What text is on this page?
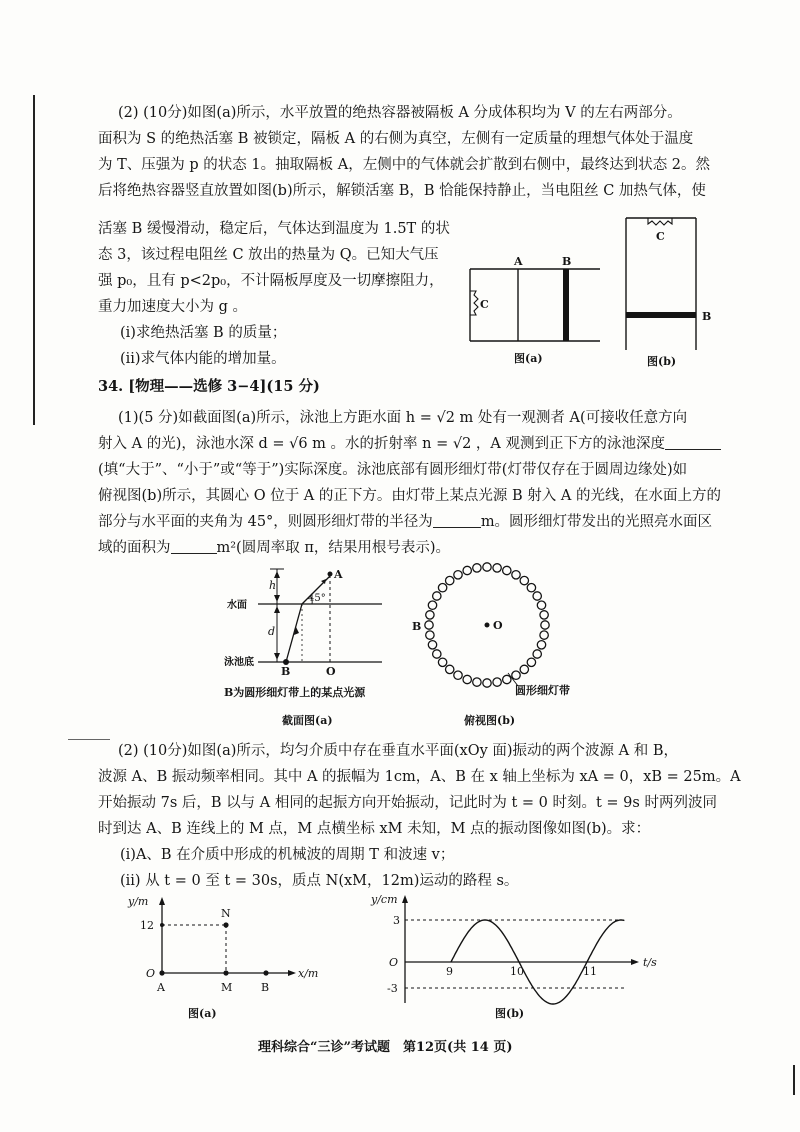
(2) (10分)如图(a)所示，水平放置的绝热容器被隔板 A 分成体积均为 V 的左右两部分。
面积为 S 的绝热活塞 B 被锁定，隔板 A 的右侧为真空，左侧有一定质量的理想气体处于温度
为 T、压强为 p 的状态 1。抽取隔板 A，左侧中的气体就会扩散到右侧中，最终达到状态 2。然
后将绝热容器竖直放置如图(b)所示，解锁活塞 B，B 恰能保持静止，当电阻丝 C 加热气体，使
活塞 B 缓慢滑动，稳定后，气体达到温度为 1.5T 的状
态 3，该过程电阻丝 C 放出的热量为 Q。已知大气压
强 p₀，且有 p<2p₀，不计隔板厚度及一切摩擦阻力，
重力加速度大小为 g 。
(i)求绝热活塞 B 的质量；
(ii)求气体内能的增加量。
A	B
C
图(a)
C
B
图(b)
34. [物理——选修 3−4](15 分)
(1)(5 分)如截面图(a)所示，泳池上方距水面 h = √2 m 处有一观测者 A(可接收任意方向
射入 A 的光)，泳池水深 d = √6 m 。水的折射率 n = √2 ，A 观测到正下方的泳池深度
(填“大于”、“小于”或“等于”)实际深度。泳池底部有圆形细灯带(灯带仅存在于圆周边缘处)如
俯视图(b)所示，其圆心 O 位于 A 的正下方。由灯带上某点光源 B 射入 A 的光线，在水面上方的
部分与水平面的夹角为 45°，则圆形细灯带的半径为	m。圆形细灯带发出的光照亮水面区
域的面积为	m²(圆周率取 π，结果用根号表示)。
h
d
A
45°
水面
泳池底
B	O
B为圆形细灯带上的某点光源
截面图(a)
O
B
圆形细灯带
俯视图(b)
(2) (10分)如图(a)所示，均匀介质中存在垂直水平面(xOy 面)振动的两个波源 A 和 B，
波源 A、B 振动频率相同。其中 A 的振幅为 1cm，A、B 在 x 轴上坐标为 xA = 0，xB = 25m。A
开始振动 7s 后，B 以与 A 相同的起振方向开始振动，记此时为 t = 0 时刻。t = 9s 时两列波同
时到达 A、B 连线上的 M 点，M 点横坐标 xM 未知，M 点的振动图像如图(b)。求：
(i)A、B 在介质中形成的机械波的周期 T 和波速 v；
(ii) 从 t = 0 至 t = 30s，质点 N(xM，12m)运动的路程 s。
y/m
x/m
12
O
A	M	B
N
图(a)
y/cm
t/s
O
3
-3
9	10	11
图(b)
理科综合“三诊”考试题　第12页(共 14 页)
